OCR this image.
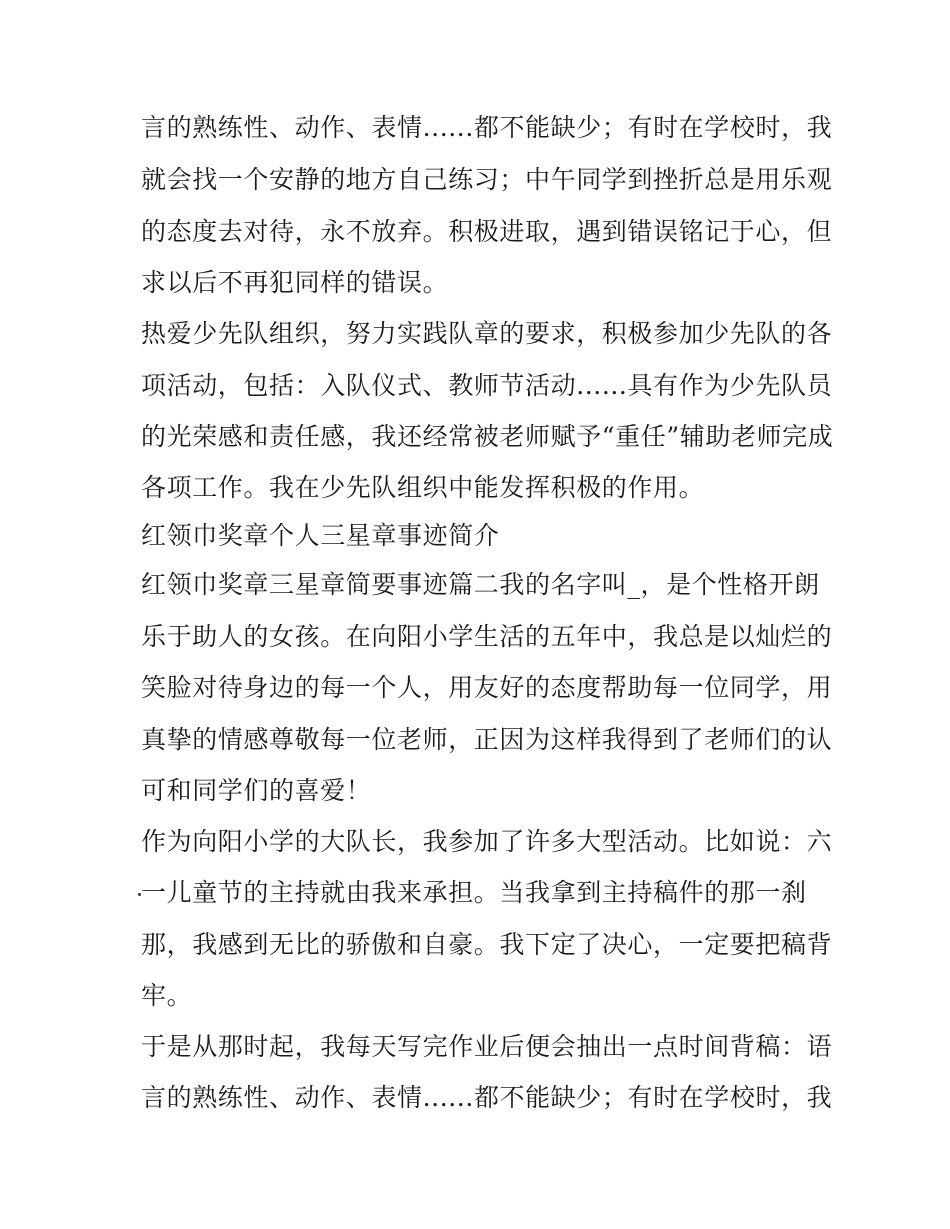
言的熟练性、动作、表情......都不能缺少；有时在学校时，我

就会找一个安静的地方自己练习；中午同学到挫折总是用乐观

的态度去对待，永不放弃。积极进取，遇到错误铭记于心，但

求以后不再犯同样的错误。

热爱少先队组织，努力实践队章的要求，积极参加少先队的各

项活动，包括：入队仪式、教师节活动......具有作为少先队员

的光荣感和责任感，我还经常被老师赋予“重任”辅助老师完成

各项工作。我在少先队组织中能发挥积极的作用。

红领巾奖章个人三星章事迹简介

红领巾奖章三星章简要事迹篇二我的名字叫_，是个性格开朗

乐于助人的女孩。在向阳小学生活的五年中，我总是以灿烂的

笑脸对待身边的每一个人，用友好的态度帮助每一位同学，用

真挚的情感尊敬每一位老师，正因为这样我得到了老师们的认

可和同学们的喜爱！

作为向阳小学的大队长，我参加了许多大型活动。比如说：六

一儿童节的主持就由我来承担。当我拿到主持稿件的那一刹

那，我感到无比的骄傲和自豪。我下定了决心，一定要把稿背

牢。

于是从那时起，我每天写完作业后便会抽出一点时间背稿：语

言的熟练性、动作、表情......都不能缺少；有时在学校时，我
